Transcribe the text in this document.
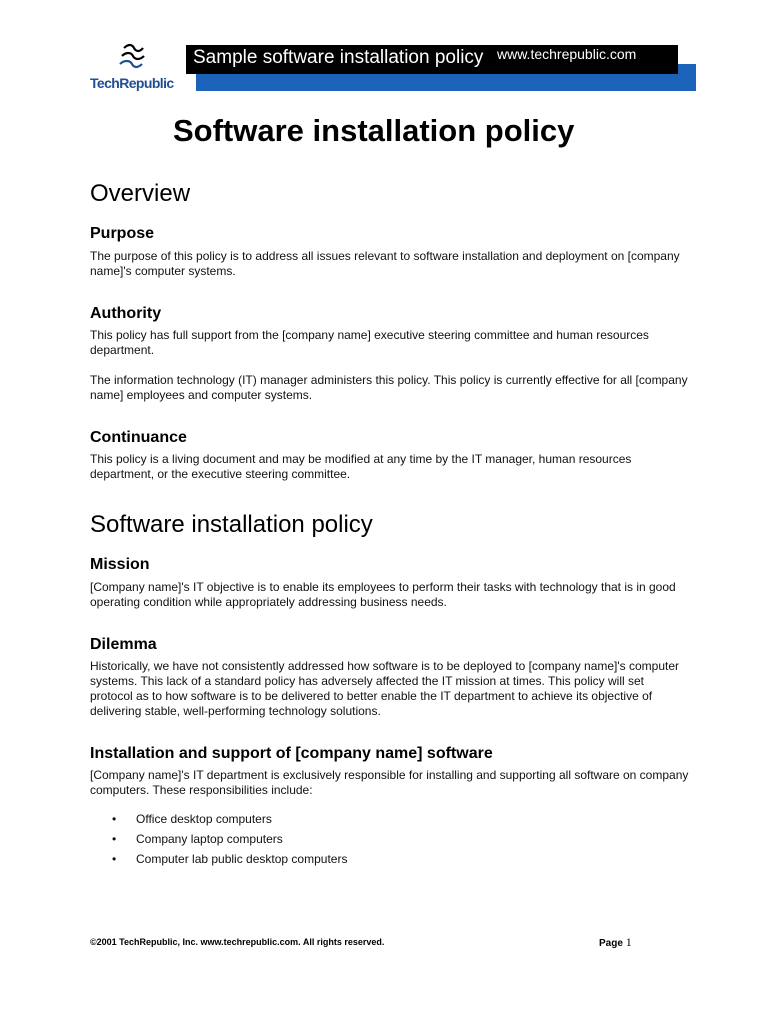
TechRepublic
Sample software installation policy www.techrepublic.com
Software installation policy
Overview
Purpose
The purpose of this policy is to address all issues relevant to software installation and deployment on [company name]'s computer systems.
Authority
This policy has full support from the [company name] executive steering committee and human resources department.
The information technology (IT) manager administers this policy. This policy is currently effective for all [company name] employees and computer systems.
Continuance
This policy is a living document and may be modified at any time by the IT manager, human resources department, or the executive steering committee.
Software installation policy
Mission
[Company name]'s IT objective is to enable its employees to perform their tasks with technology that is in good operating condition while appropriately addressing business needs.
Dilemma
Historically, we have not consistently addressed how software is to be deployed to [company name]'s computer systems. This lack of a standard policy has adversely affected the IT mission at times. This policy will set protocol as to how software is to be delivered to better enable the IT department to achieve its objective of delivering stable, well-performing technology solutions.
Installation and support of [company name] software
[Company name]'s IT department is exclusively responsible for installing and supporting all software on company computers. These responsibilities include:
• Office desktop computers
• Company laptop computers
• Computer lab public desktop computers
©2001 TechRepublic, Inc. www.techrepublic.com. All rights reserved.	Page 1
